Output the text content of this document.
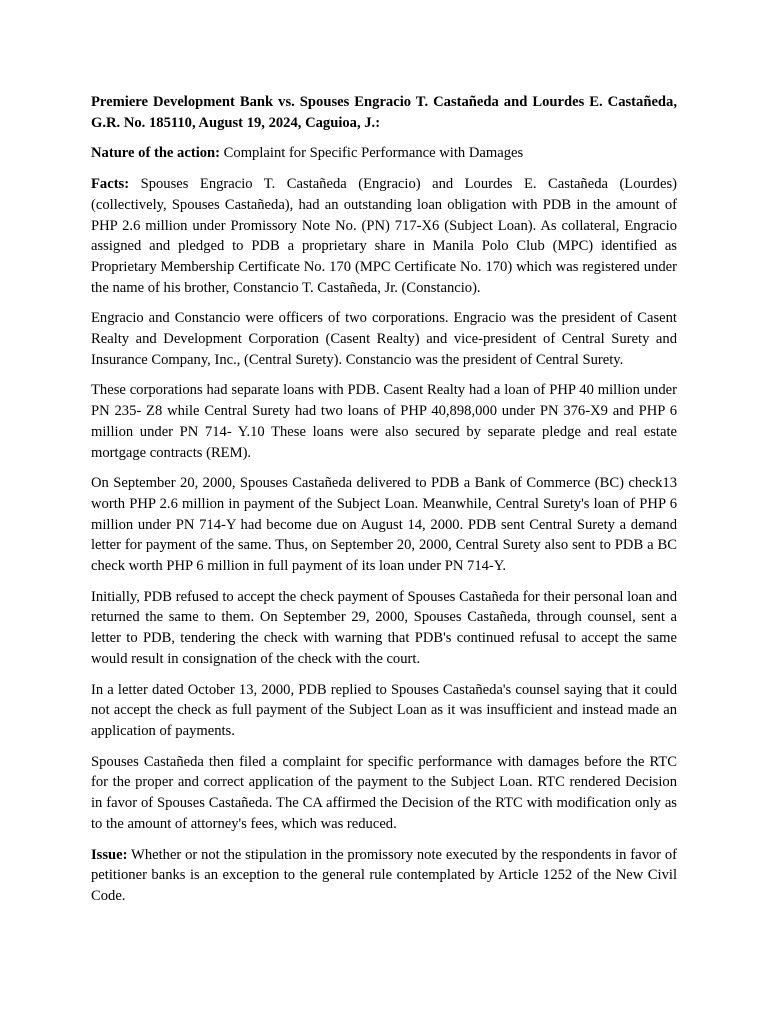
Premiere Development Bank vs. Spouses Engracio T. Castañeda and Lourdes E. Castañeda, G.R. No. 185110, August 19, 2024, Caguioa, J.:

Nature of the action: Complaint for Specific Performance with Damages

Facts: Spouses Engracio T. Castañeda (Engracio) and Lourdes E. Castañeda (Lourdes) (collectively, Spouses Castañeda), had an outstanding loan obligation with PDB in the amount of PHP 2.6 million under Promissory Note No. (PN) 717-X6 (Subject Loan). As collateral, Engracio assigned and pledged to PDB a proprietary share in Manila Polo Club (MPC) identified as Proprietary Membership Certificate No. 170 (MPC Certificate No. 170) which was registered under the name of his brother, Constancio T. Castañeda, Jr. (Constancio).

Engracio and Constancio were officers of two corporations. Engracio was the president of Casent Realty and Development Corporation (Casent Realty) and vice-president of Central Surety and Insurance Company, Inc., (Central Surety). Constancio was the president of Central Surety.

These corporations had separate loans with PDB. Casent Realty had a loan of PHP 40 million under PN 235- Z8 while Central Surety had two loans of PHP 40,898,000 under PN 376-X9 and PHP 6 million under PN 714- Y.10 These loans were also secured by separate pledge and real estate mortgage contracts (REM).

On September 20, 2000, Spouses Castañeda delivered to PDB a Bank of Commerce (BC) check13 worth PHP 2.6 million in payment of the Subject Loan. Meanwhile, Central Surety's loan of PHP 6 million under PN 714-Y had become due on August 14, 2000. PDB sent Central Surety a demand letter for payment of the same. Thus, on September 20, 2000, Central Surety also sent to PDB a BC check worth PHP 6 million in full payment of its loan under PN 714-Y.

Initially, PDB refused to accept the check payment of Spouses Castañeda for their personal loan and returned the same to them. On September 29, 2000, Spouses Castañeda, through counsel, sent a letter to PDB, tendering the check with warning that PDB's continued refusal to accept the same would result in consignation of the check with the court.

In a letter dated October 13, 2000, PDB replied to Spouses Castañeda's counsel saying that it could not accept the check as full payment of the Subject Loan as it was insufficient and instead made an application of payments.

Spouses Castañeda then filed a complaint for specific performance with damages before the RTC for the proper and correct application of the payment to the Subject Loan. RTC rendered Decision in favor of Spouses Castañeda. The CA affirmed the Decision of the RTC with modification only as to the amount of attorney's fees, which was reduced.

Issue: Whether or not the stipulation in the promissory note executed by the respondents in favor of petitioner banks is an exception to the general rule contemplated by Article 1252 of the New Civil Code.
